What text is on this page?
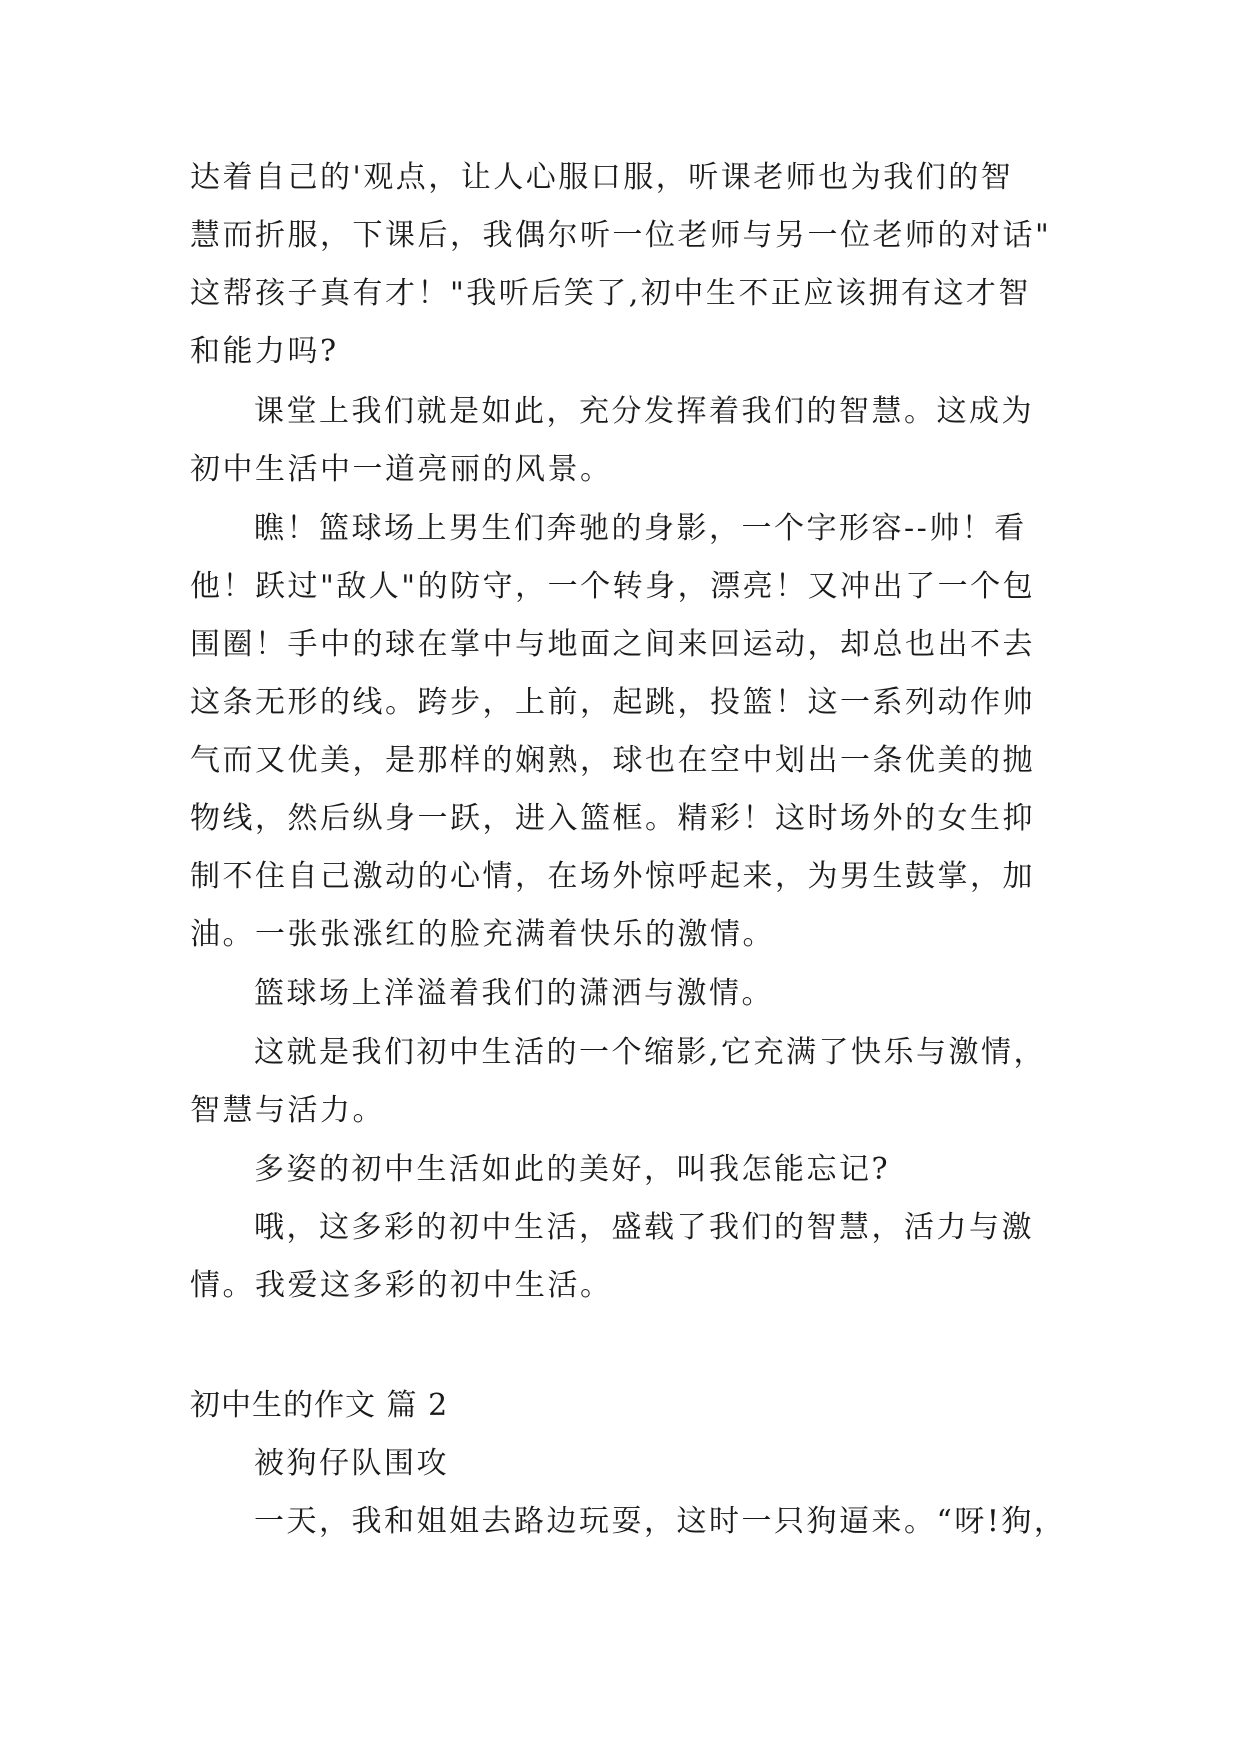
达着自己的'观点，让人心服口服，听课老师也为我们的智
慧而折服，下课后，我偶尔听一位老师与另一位老师的对话"
这帮孩子真有才！"我听后笑了,初中生不正应该拥有这才智
和能力吗?
课堂上我们就是如此，充分发挥着我们的智慧。这成为
初中生活中一道亮丽的风景。
瞧！篮球场上男生们奔驰的身影，一个字形容--帅！看
他！跃过"敌人"的防守，一个转身，漂亮！又冲出了一个包
围圈！手中的球在掌中与地面之间来回运动，却总也出不去
这条无形的线。跨步，上前，起跳，投篮！这一系列动作帅
气而又优美，是那样的娴熟，球也在空中划出一条优美的抛
物线，然后纵身一跃，进入篮框。精彩！这时场外的女生抑
制不住自己激动的心情，在场外惊呼起来，为男生鼓掌，加
油。一张张涨红的脸充满着快乐的激情。
篮球场上洋溢着我们的潇洒与激情。
这就是我们初中生活的一个缩影,它充满了快乐与激情，
智慧与活力。
多姿的初中生活如此的美好，叫我怎能忘记?
哦，这多彩的初中生活，盛载了我们的智慧，活力与激
情。我爱这多彩的初中生活。
初中生的作文 篇 2
被狗仔队围攻
一天，我和姐姐去路边玩耍，这时一只狗逼来。“呀!狗，
